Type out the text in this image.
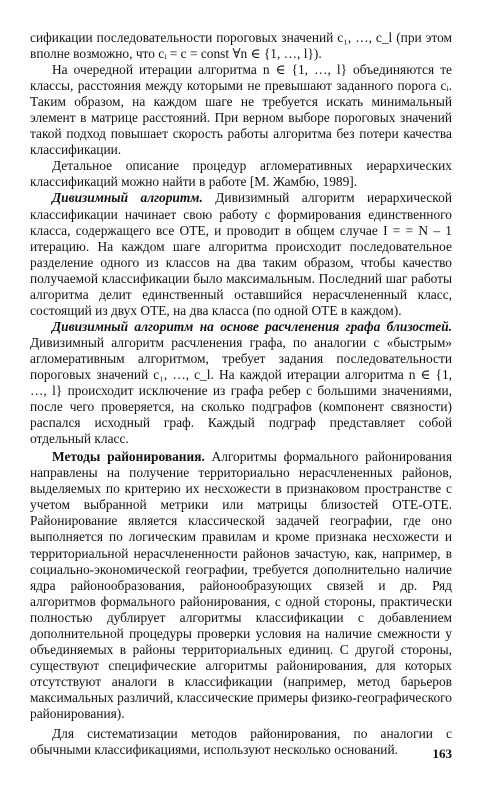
сификации последовательности пороговых значений c₁, …, c_l (при этом вполне возможно, что cᵢ = c = const ∀n ∈ {1, …, l}).

На очередной итерации алгоритма n ∈ {1, …, l} объединяются те классы, расстояния между которыми не превышают заданного порога cᵢ. Таким образом, на каждом шаге не требуется искать минимальный элемент в матрице расстояний. При верном выборе пороговых значений такой подход повышает скорость работы алгоритма без потери качества классификации.

Детальное описание процедур агломеративных иерархических классификаций можно найти в работе [М. Жамбю, 1989].

Дивизимный алгоритм. Дивизимный алгоритм иерархической классификации начинает свою работу с формирования единственного класса, содержащего все ОТЕ, и проводит в общем случае I = = N – 1 итерацию. На каждом шаге алгоритма происходит последовательное разделение одного из классов на два таким образом, чтобы качество получаемой классификации было максимальным. Последний шаг работы алгоритма делит единственный оставшийся нерасчлененный класс, состоящий из двух ОТЕ, на два класса (по одной ОТЕ в каждом).

Дивизимный алгоритм на основе расчленения графа близостей. Дивизимный алгоритм расчленения графа, по аналогии с «быстрым» агломеративным алгоритмом, требует задания последовательности пороговых значений c₁, …, c_l. На каждой итерации алгоритма n ∈ {1, …, l} происходит исключение из графа ребер с большими значениями, после чего проверяется, на сколько подграфов (компонент связности) распался исходный граф. Каждый подграф представляет собой отдельный класс.

Методы районирования. Алгоритмы формального районирования направлены на получение территориально нерасчлененных районов, выделяемых по критерию их несхожести в признаковом пространстве с учетом выбранной метрики или матрицы близостей ОТЕ-ОТЕ. Районирование является классической задачей географии, где оно выполняется по логическим правилам и кроме признака несхожести и территориальной нерасчлененности районов зачастую, как, например, в социально-экономической географии, требуется дополнительно наличие ядра районообразования, районообразующих связей и др. Ряд алгоритмов формального районирования, с одной стороны, практически полностью дублирует алгоритмы классификации с добавлением дополнительной процедуры проверки условия на наличие смежности у объединяемых в районы территориальных единиц. С другой стороны, существуют специфические алгоритмы районирования, для которых отсутствуют аналоги в классификации (например, метод барьеров максимальных различий, классические примеры физико-географического районирования).

Для систематизации методов районирования, по аналогии с обычными классификациями, используют несколько оснований.	163
